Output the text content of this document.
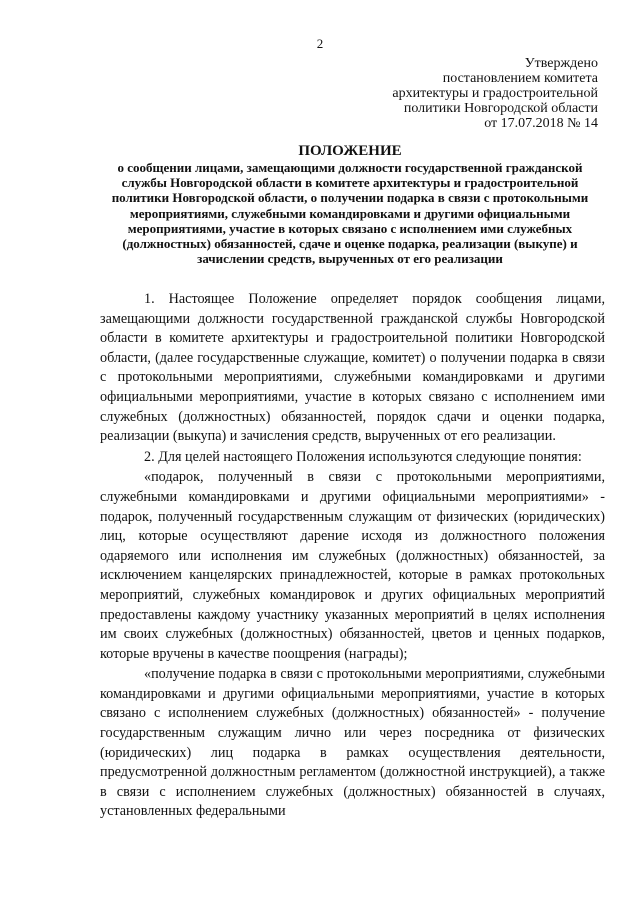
2
Утверждено
постановлением комитета
архитектуры и градостроительной
политики Новгородской области
от 17.07.2018 № 14
ПОЛОЖЕНИЕ
о сообщении лицами, замещающими должности государственной гражданской службы Новгородской области в комитете архитектуры и градостроительной политики Новгородской области, о получении подарка в связи с протокольными мероприятиями, служебными командировками и другими официальными мероприятиями, участие в которых связано с исполнением ими служебных (должностных) обязанностей, сдаче и оценке подарка, реализации (выкупе) и зачислении средств, вырученных от его реализации

1. Настоящее Положение определяет порядок сообщения лицами, замещающими должности государственной гражданской службы Новгородской области в комитете архитектуры и градостроительной политики Новгородской области, (далее государственные служащие, комитет) о получении подарка в связи с протокольными мероприятиями, служебными командировками и другими официальными мероприятиями, участие в которых связано с исполнением ими служебных (должностных) обязанностей, порядок сдачи и оценки подарка, реализации (выкупа) и зачисления средств, вырученных от его реализации.

2. Для целей настоящего Положения используются следующие понятия:

«подарок, полученный в связи с протокольными мероприятиями, служебными командировками и другими официальными мероприятиями» - подарок, полученный государственным служащим от физических (юридических) лиц, которые осуществляют дарение исходя из должностного положения одаряемого или исполнения им служебных (должностных) обязанностей, за исключением канцелярских принадлежностей, которые в рамках протокольных мероприятий, служебных командировок и других официальных мероприятий предоставлены каждому участнику указанных мероприятий в целях исполнения им своих служебных (должностных) обязанностей, цветов и ценных подарков, которые вручены в качестве поощрения (награды);

«получение подарка в связи с протокольными мероприятиями, служебными командировками и другими официальными мероприятиями, участие в которых связано с исполнением служебных (должностных) обязанностей» - получение государственным служащим лично или через посредника от физических (юридических) лиц подарка в рамках осуществления деятельности, предусмотренной должностным регламентом (должностной инструкцией), а также в связи с исполнением служебных (должностных) обязанностей в случаях, установленных федеральными
